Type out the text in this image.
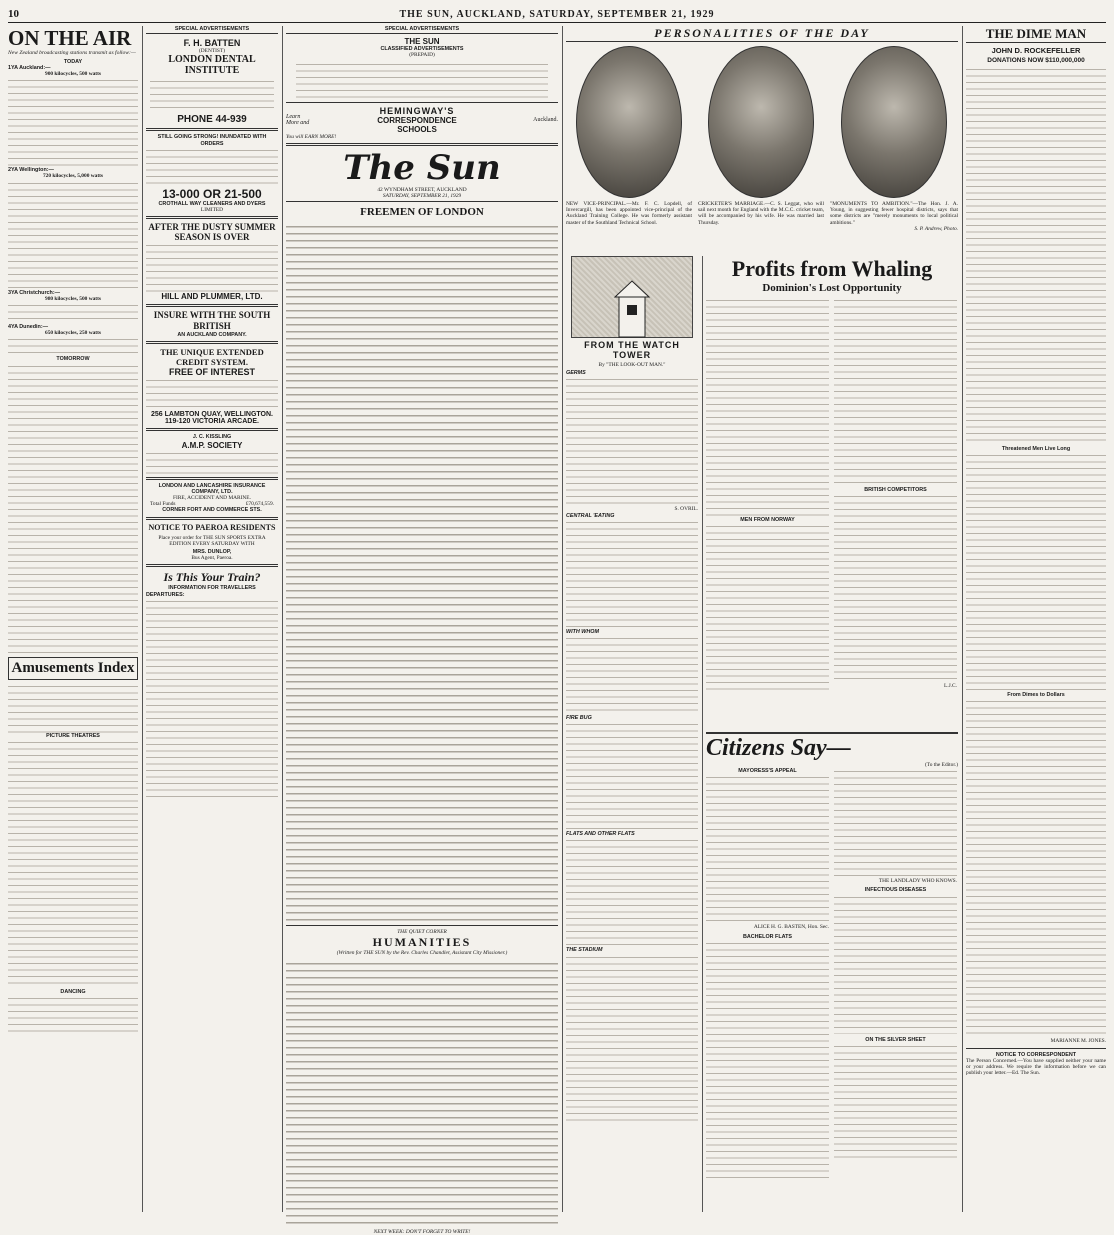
10	THE SUN, AUCKLAND, SATURDAY, SEPTEMBER 21, 1929
ON THE AIR
New Zealand broadcasting stations transmit as follow:—
TODAY
1YA Auckland:—
900 kilocycles, 500 watts
2YA Wellington:—
720 kilocycles, 5,000 watts
3YA Christchurch:—
980 kilocycles, 500 watts
4YA Dunedin:—
650 kilocycles, 250 watts
TOMORROW
Amusements Index
PICTURE THEATRES
DANCING
SPECIAL ADVERTISEMENTS
F. H. BATTEN
(DENTIST)
LONDON DENTAL INSTITUTE
PHONE 44-939
STILL GOING STRONG! INUNDATED WITH ORDERS
13-000 OR 21-500
CROTHALL WAY CLEANERS AND DYERS
LIMITED
AFTER THE DUSTY SUMMER SEASON IS OVER
HILL AND PLUMMER, LTD.
INSURE WITH THE SOUTH BRITISH
AN AUCKLAND COMPANY.
THE UNIQUE EXTENDED CREDIT SYSTEM.
FREE OF INTEREST
256 LAMBTON QUAY, WELLINGTON.
119-120 VICTORIA ARCADE.
J. C. KISSLING
A.M.P. SOCIETY
LONDON AND LANCASHIRE INSURANCE COMPANY, LTD.
FIRE, ACCIDENT AND MARINE.
Total Funds	£70,674,559.
CORNER FORT AND COMMERCE STS.
NOTICE TO PAEROA RESIDENTS
Place your order for THE SUN SPORTS EXTRA EDITION EVERY SATURDAY WITH
MRS. DUNLOP,
Bus Agent, Paeroa.
Is This Your Train?
INFORMATION FOR TRAVELLERS
DEPARTURES:
SPECIAL ADVERTISEMENTS
THE SUN
CLASSIFIED ADVERTISEMENTS
(PREPAID)
Learn
More and
HEMINGWAY'S
CORRESPONDENCE
SCHOOLS
Auckland.
You will EARN MORE!
The Sun
42 WYNDHAM STREET, AUCKLAND
SATURDAY, SEPTEMBER 21, 1929
FREEMEN OF LONDON
THE QUIET CORNER
HUMANITIES
(Written for THE SUN by the Rev. Charles Chandler, Assistant City Missioner.)
NEXT WEEK: DON'T FORGET TO WRITE!
PERSONALITIES OF THE DAY
NEW VICE-PRINCIPAL.—Mr. F. C. Lopdell, of Invercargill, has been appointed vice-principal of the Auckland Training College. He was formerly assistant master of the Southland Technical School.
CRICKETER'S MARRIAGE.—C. S. Leggat, who will sail next month for England with the M.C.C. cricket team, will be accompanied by his wife. He was married last Thursday.
"MONUMENTS TO AMBITION."—The Hon. J. A. Young, in suggesting fewer hospital districts, says that some districts are "merely monuments to local political ambitions."
S. P. Andrew, Photo.
FROM THE WATCH TOWER
By "THE LOOK-OUT MAN."
GERMS
S. OVRIL.
CENTRAL 'EATING
WITH WHOM
FIRE BUG
FLATS AND OTHER FLATS
THE STADIUM
Profits from Whaling
Dominion's Lost Opportunity
MEN FROM NORWAY
BRITISH COMPETITORS
L.J.C.
Citizens Say—
(To the Editor.)
MAYORESS'S APPEAL
ALICE H. G. BASTEN, Hon. Sec.
BACHELOR FLATS
THE LANDLADY WHO KNOWS.
INFECTIOUS DISEASES
ON THE SILVER SHEET
THE DIME MAN
JOHN D. ROCKEFELLER
DONATIONS NOW $110,000,000
Threatened Men Live Long
From Dimes to Dollars
MARIANNE M. JONES.
NOTICE TO CORRESPONDENT
The Person Concerned.—You have supplied neither your name or your address. We require the information before we can publish your letter.—Ed. The Sun.
